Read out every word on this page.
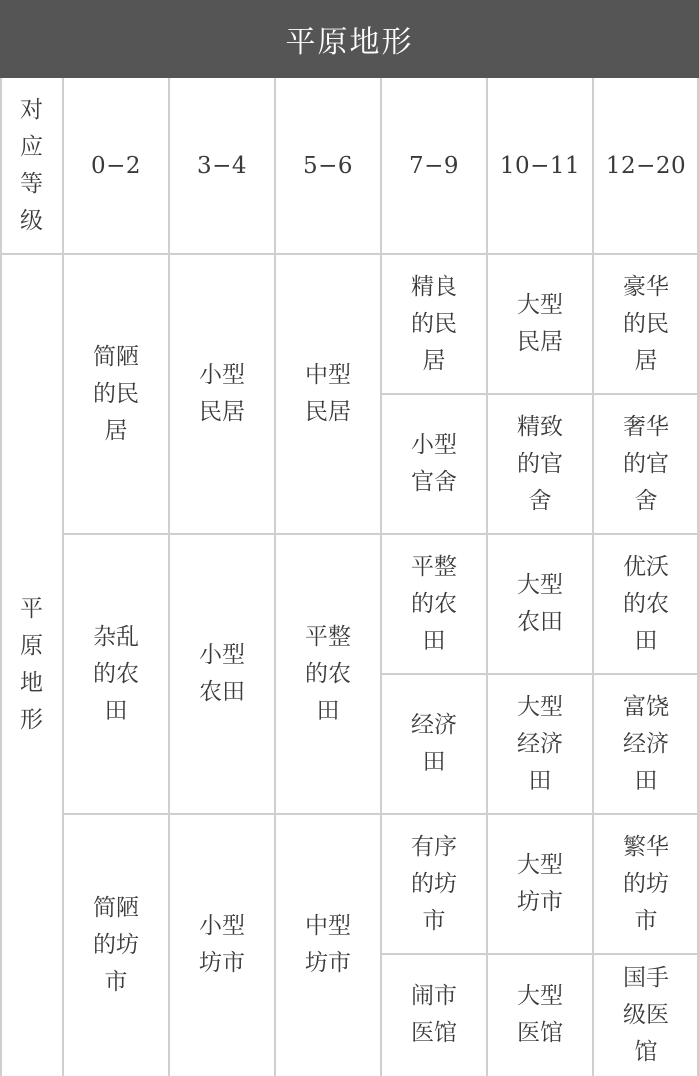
平原地形
对
应
等
级
0−2 3−4 5−6 7−9 10−11 12−20
平
原
地
形
简陋
的民
居
小型
民居
中型
民居
精良
的民
居
大型
民居
豪华
的民
居
小型
官舍
精致
的官
舍
奢华
的官
舍
杂乱
的农
田
小型
农田
平整
的农
田
平整
的农
田
大型
农田
优沃
的农
田
经济
田
大型
经济
田
富饶
经济
田
简陋
的坊
市
小型
坊市
中型
坊市
有序
的坊
市
大型
坊市
繁华
的坊
市
闹市
医馆
大型
医馆
国手
级医
馆
